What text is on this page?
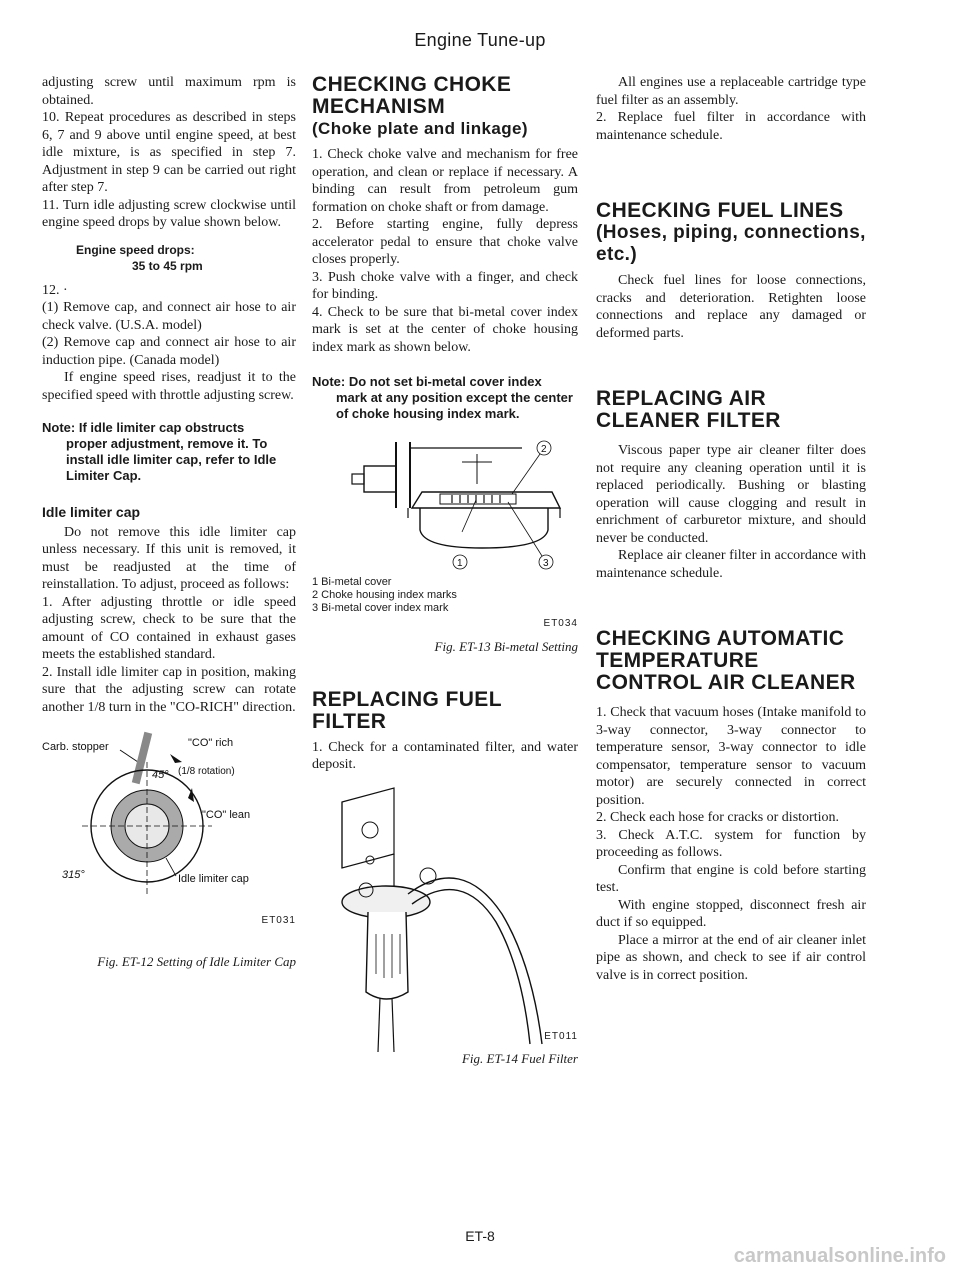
Engine Tune-up

adjusting screw until maximum rpm is obtained.

10. Repeat procedures as described in steps 6, 7 and 9 above until engine speed, at best idle mixture, is as specified in step 7. Adjustment in step 9 can be carried out right after step 7.

11. Turn idle adjusting screw clockwise until engine speed drops by value shown below.

Engine speed drops:
35 to 45 rpm

12. ·

(1) Remove cap, and connect air hose to air check valve. (U.S.A. model)

(2) Remove cap and connect air hose to air induction pipe. (Canada model)

If engine speed rises, readjust it to the specified speed with throttle adjusting screw.

Note: If idle limiter cap obstructs
proper adjustment, remove it. To install idle limiter cap, refer to Idle Limiter Cap.
Idle limiter cap

Do not remove this idle limiter cap unless necessary. If this unit is removed, it must be readjusted at the time of reinstallation. To adjust, proceed as follows:

1. After adjusting throttle or idle speed adjusting screw, check to be sure that the amount of CO contained in exhaust gases meets the established standard.

2. Install idle limiter cap in position, making sure that the adjusting screw can rotate another 1/8 turn in the "CO-RICH" direction.

Carb. stopper	"CO" rich
45° (1/8 rotation)
"CO" lean
315°	Idle limiter cap
ET031
Fig. ET-12 Setting of Idle Limiter Cap
CHECKING CHOKE MECHANISM
(Choke plate and linkage)

1. Check choke valve and mechanism for free operation, and clean or replace if necessary. A binding can result from petroleum gum formation on choke shaft or from damage.

2. Before starting engine, fully depress accelerator pedal to ensure that choke valve closes properly.

3. Push choke valve with a finger, and check for binding.

4. Check to be sure that bi-metal cover index mark is set at the center of choke housing index mark as shown below.

Note: Do not set bi-metal cover index
mark at any position except the center of choke housing index mark.
2
1	3
1 Bi-metal cover
2 Choke housing index marks
3 Bi-metal cover index mark
ET034
Fig. ET-13 Bi-metal Setting
REPLACING FUEL FILTER

1. Check for a contaminated filter, and water deposit.

ET011
Fig. ET-14 Fuel Filter

All engines use a replaceable cartridge type fuel filter as an assembly.

2. Replace fuel filter in accordance with maintenance schedule.

CHECKING FUEL LINES
(Hoses, piping, connections, etc.)

Check fuel lines for loose connections, cracks and deterioration. Retighten loose connections and replace any damaged or deformed parts.

REPLACING AIR CLEANER FILTER

Viscous paper type air cleaner filter does not require any cleaning operation until it is replaced periodically. Bushing or blasting operation will cause clogging and result in enrichment of carburetor mixture, and should never be conducted.

Replace air cleaner filter in accordance with maintenance schedule.

CHECKING AUTOMATIC TEMPERATURE CONTROL AIR CLEANER

1. Check that vacuum hoses (Intake manifold to 3-way connector, 3-way connector to temperature sensor, 3-way connector to idle compensator, temperature sensor to vacuum motor) are securely connected in correct position.

2. Check each hose for cracks or distortion.

3. Check A.T.C. system for function by proceeding as follows.

Confirm that engine is cold before starting test.

With engine stopped, disconnect fresh air duct if so equipped.

Place a mirror at the end of air cleaner inlet pipe as shown, and check to see if air control valve is in correct position.

ET-8
carmanualsonline.info
